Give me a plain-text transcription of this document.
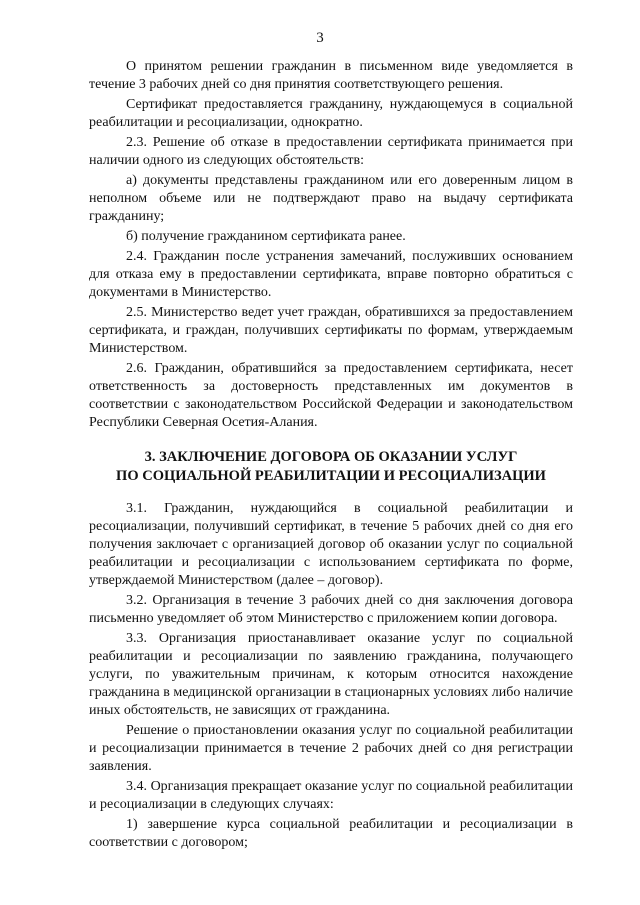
3

О принятом решении гражданин в письменном виде уведомляется в течение 3 рабочих дней со дня принятия соответствующего решения.

Сертификат предоставляется гражданину, нуждающемуся в социальной реабилитации и ресоциализации, однократно.

2.3. Решение об отказе в предоставлении сертификата принимается при наличии одного из следующих обстоятельств:

а) документы представлены гражданином или его доверенным лицом в неполном объеме или не подтверждают право на выдачу сертификата гражданину;

б) получение гражданином сертификата ранее.

2.4. Гражданин после устранения замечаний, послуживших основанием для отказа ему в предоставлении сертификата, вправе повторно обратиться с документами в Министерство.

2.5. Министерство ведет учет граждан, обратившихся за предоставлением сертификата, и граждан, получивших сертификаты по формам, утверждаемым Министерством.

2.6. Гражданин, обратившийся за предоставлением сертификата, несет ответственность за достоверность представленных им документов в соответствии с законодательством Российской Федерации и законодательством Республики Северная Осетия-Алания.

3. ЗАКЛЮЧЕНИЕ ДОГОВОРА ОБ ОКАЗАНИИ УСЛУГ
ПО СОЦИАЛЬНОЙ РЕАБИЛИТАЦИИ И РЕСОЦИАЛИЗАЦИИ

3.1. Гражданин, нуждающийся в социальной реабилитации и ресоциализации, получивший сертификат, в течение 5 рабочих дней со дня его получения заключает с организацией договор об оказании услуг по социальной реабилитации и ресоциализации с использованием сертификата по форме, утверждаемой Министерством (далее – договор).

3.2. Организация в течение 3 рабочих дней со дня заключения договора письменно уведомляет об этом Министерство с приложением копии договора.

3.3. Организация приостанавливает оказание услуг по социальной реабилитации и ресоциализации по заявлению гражданина, получающего услуги, по уважительным причинам, к которым относится нахождение гражданина в медицинской организации в стационарных условиях либо наличие иных обстоятельств, не зависящих от гражданина.

Решение о приостановлении оказания услуг по социальной реабилитации и ресоциализации принимается в течение 2 рабочих дней со дня регистрации заявления.

3.4. Организация прекращает оказание услуг по социальной реабилитации и ресоциализации в следующих случаях:

1) завершение курса социальной реабилитации и ресоциализации в соответствии с договором;
